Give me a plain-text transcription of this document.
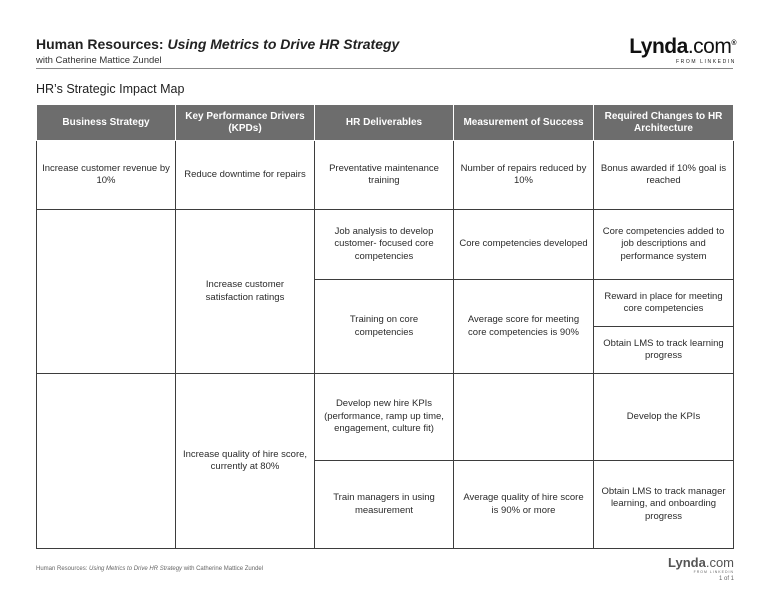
Human Resources: Using Metrics to Drive HR Strategy
with Catherine Mattice Zundel
Lynda.com®
FROM LINKEDIN
HR’s Strategic Impact Map
Business Strategy	Key Performance Drivers (KPDs)	HR Deliverables	Measurement of Success	Required Changes to HR Architecture
Increase customer revenue by 10%	Reduce downtime for repairs	Preventative maintenance training	Number of repairs reduced by 10%	Bonus awarded if 10% goal is reached
	Increase customer satisfaction ratings	Job analysis to develop customer- focused core competencies	Core competencies developed	Core competencies added to job descriptions and performance system
		Training on core competencies	Average score for meeting core competencies is 90%	Reward in place for meeting core competencies
				Obtain LMS to track learning progress
	Increase quality of hire score, currently at 80%	Develop new hire KPIs (performance, ramp up time, engagement, culture fit)		Develop the KPIs
		Train managers in using measurement	Average quality of hire score is 90% or more	Obtain LMS to track manager learning, and onboarding progress
Human Resources: Using Metrics to Drive HR Strategy with Catherine Mattice Zundel	Lynda.com
FROM LINKEDIN
1 of 1
